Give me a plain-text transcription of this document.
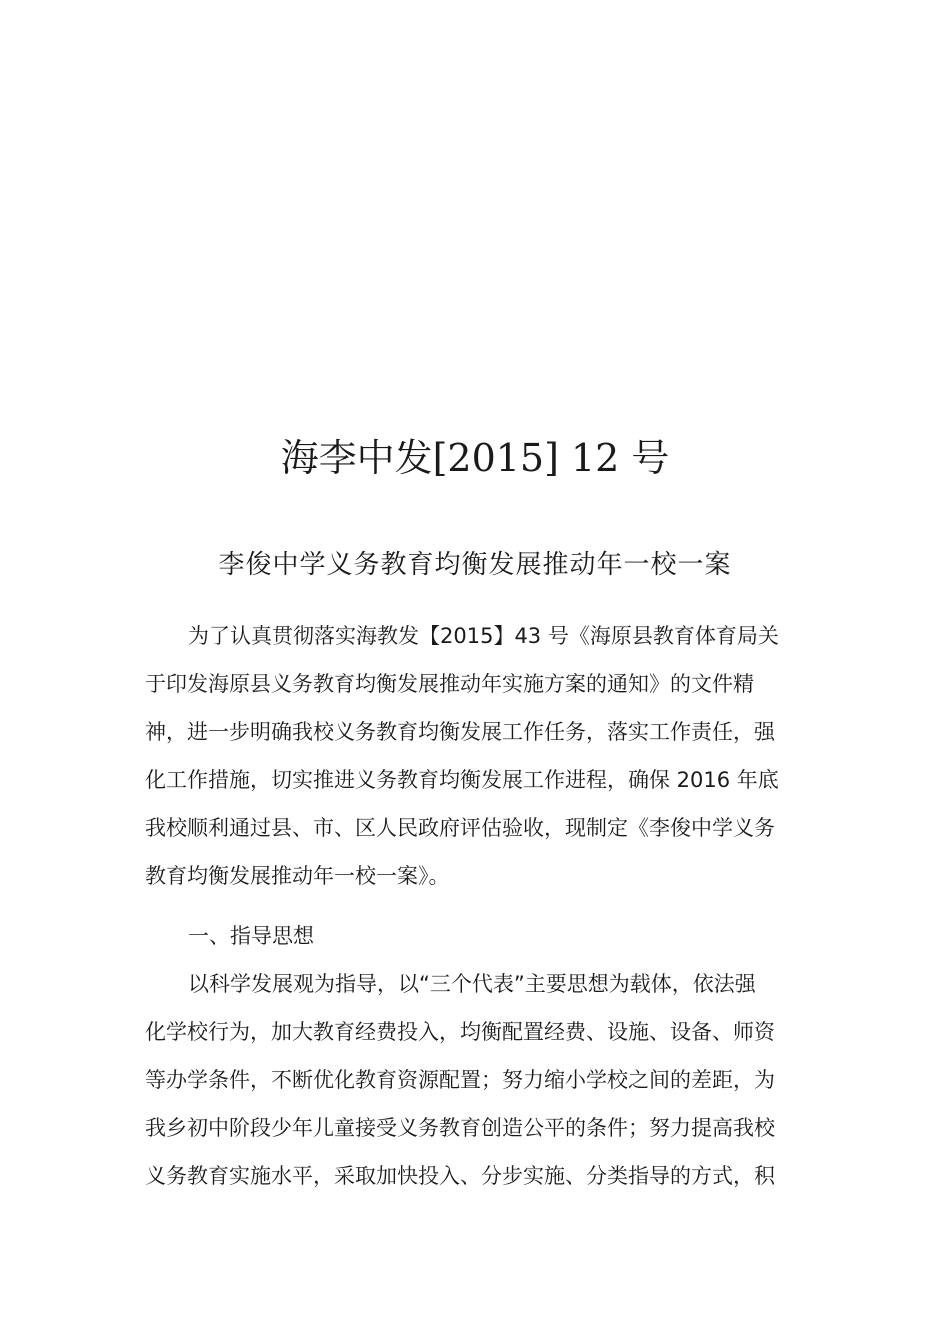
海李中发[2015] 12 号
李俊中学义务教育均衡发展推动年一校一案
为了认真贯彻落实海教发【2015】43 号《海原县教育体育局关
于印发海原县义务教育均衡发展推动年实施方案的通知》的文件精
神，进一步明确我校义务教育均衡发展工作任务，落实工作责任，强
化工作措施，切实推进义务教育均衡发展工作进程，确保 2016 年底
我校顺利通过县、市、区人民政府评估验收，现制定《李俊中学义务
教育均衡发展推动年一校一案》。
一、指导思想
以科学发展观为指导，以“三个代表”主要思想为载体，依法强
化学校行为，加大教育经费投入，均衡配置经费、设施、设备、师资
等办学条件，不断优化教育资源配置；努力缩小学校之间的差距，为
我乡初中阶段少年儿童接受义务教育创造公平的条件；努力提高我校
义务教育实施水平，采取加快投入、分步实施、分类指导的方式，积
